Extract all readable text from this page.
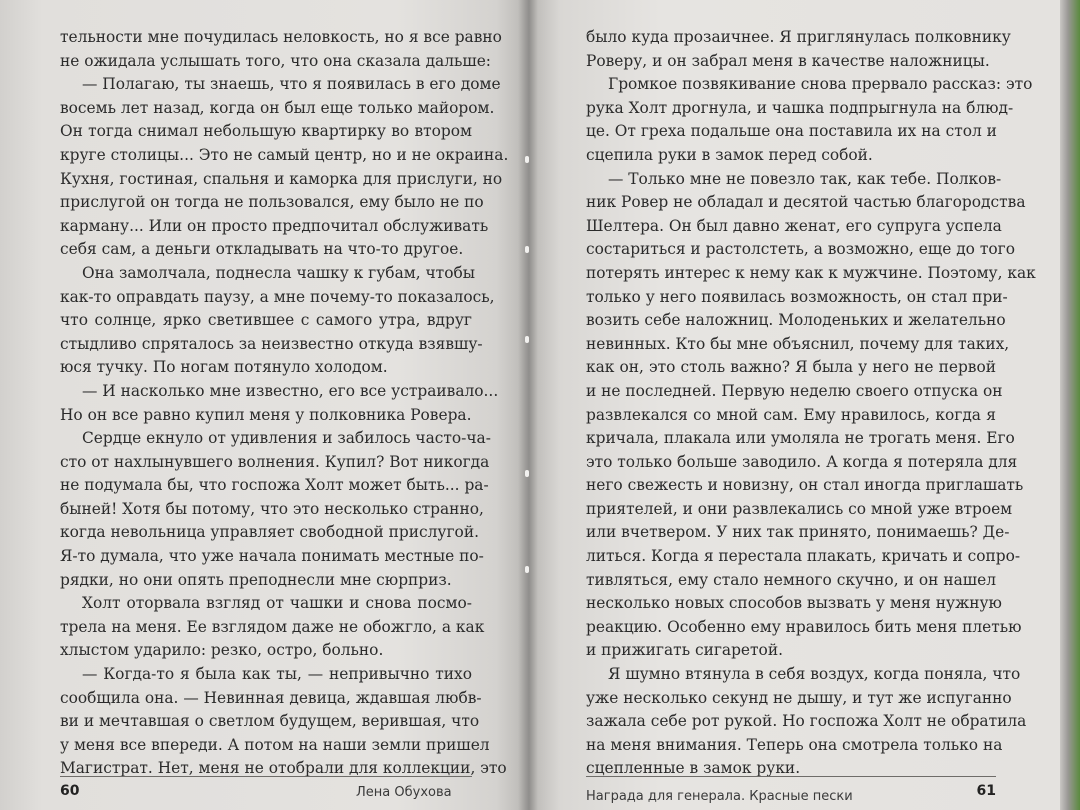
тельности мне почудилась неловкость, но я все равно
не ожидала услышать того, что она сказала дальше:
— Полагаю, ты знаешь, что я появилась в его доме
восемь лет назад, когда он был еще только майором.
Он тогда снимал небольшую квартирку во втором
круге столицы... Это не самый центр, но и не окраина.
Кухня, гостиная, спальня и каморка для прислуги, но
прислугой он тогда не пользовался, ему было не по
карману... Или он просто предпочитал обслуживать
себя сам, а деньги откладывать на что-то другое.
Она замолчала, поднесла чашку к губам, чтобы
как-то оправдать паузу, а мне почему-то показалось,
что солнце, ярко светившее с самого утра, вдруг
стыдливо спряталось за неизвестно откуда взявшу-
юся тучку. По ногам потянуло холодом.
— И насколько мне известно, его все устраивало...
Но он все равно купил меня у полковника Ровера.
Сердце екнуло от удивления и забилось часто-ча-
сто от нахлынувшего волнения. Купил? Вот никогда
не подумала бы, что госпожа Холт может быть... ра-
быней! Хотя бы потому, что это несколько странно,
когда невольница управляет свободной прислугой.
Я-то думала, что уже начала понимать местные по-
рядки, но они опять преподнесли мне сюрприз.
Холт оторвала взгляд от чашки и снова посмо-
трела на меня. Ее взглядом даже не обожгло, а как
хлыстом ударило: резко, остро, больно.
— Когда-то я была как ты, — непривычно тихо
сообщила она. — Невинная девица, ждавшая любв-
ви и мечтавшая о светлом будущем, верившая, что
у меня все впереди. А потом на наши земли пришел
Магистрат. Нет, меня не отобрали для коллекции, это
60	Лена Обухова
было куда прозаичнее. Я приглянулась полковнику
Роверу, и он забрал меня в качестве наложницы.
Громкое позвякивание снова прервало рассказ: это
рука Холт дрогнула, и чашка подпрыгнула на блюд-
це. От греха подальше она поставила их на стол и
сцепила руки в замок перед собой.
— Только мне не повезло так, как тебе. Полков-
ник Ровер не обладал и десятой частью благородства
Шелтера. Он был давно женат, его супруга успела
состариться и растолстеть, а возможно, еще до того
потерять интерес к нему как к мужчине. Поэтому, как
только у него появилась возможность, он стал при-
возить себе наложниц. Молоденьких и желательно
невинных. Кто бы мне объяснил, почему для таких,
как он, это столь важно? Я была у него не первой
и не последней. Первую неделю своего отпуска он
развлекался со мной сам. Ему нравилось, когда я
кричала, плакала или умоляла не трогать меня. Его
это только больше заводило. А когда я потеряла для
него свежесть и новизну, он стал иногда приглашать
приятелей, и они развлекались со мной уже втроем
или вчетвером. У них так принято, понимаешь? Де-
литься. Когда я перестала плакать, кричать и сопро-
тивляться, ему стало немного скучно, и он нашел
несколько новых способов вызвать у меня нужную
реакцию. Особенно ему нравилось бить меня плетью
и прижигать сигаретой.
Я шумно втянула в себя воздух, когда поняла, что
уже несколько секунд не дышу, и тут же испуганно
зажала себе рот рукой. Но госпожа Холт не обратила
на меня внимания. Теперь она смотрела только на
сцепленные в замок руки.
Награда для генерала. Красные пески	61
